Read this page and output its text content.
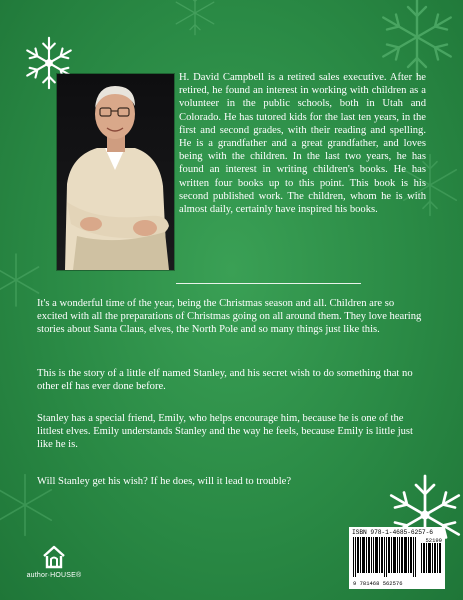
H. David Campbell is a retired sales executive. After he retired, he found an interest in working with children as a volunteer in the public schools, both in Utah and Colorado. He has tutored kids for the last ten years, in the first and second grades, with their reading and spelling. He is a grandfather and a great grandfather, and loves being with the children. In the last two years, he has found an interest in writing children's books. He has written four books up to this point. This book is his second published work. The children, whom he is with almost daily, certainly have inspired his books.

It's a wonderful time of the year, being the Christmas season and all. Children are so excited with all the preparations of Christmas going on all around them. They love hearing stories about Santa Claus, elves, the North Pole and so many things just like this.

This is the story of a little elf named Stanley, and his secret wish to do something that no other elf has ever done before.

Stanley has a special friend, Emily, who helps encourage him, because he is one of the littlest elves. Emily understands Stanley and the way he feels, because Emily is little just like he is.

Will Stanley get his wish? If he does, will it lead to trouble?

ISBN 978-1-4685-6257-6
52199
9 781468 562576
author·HOUSE®
